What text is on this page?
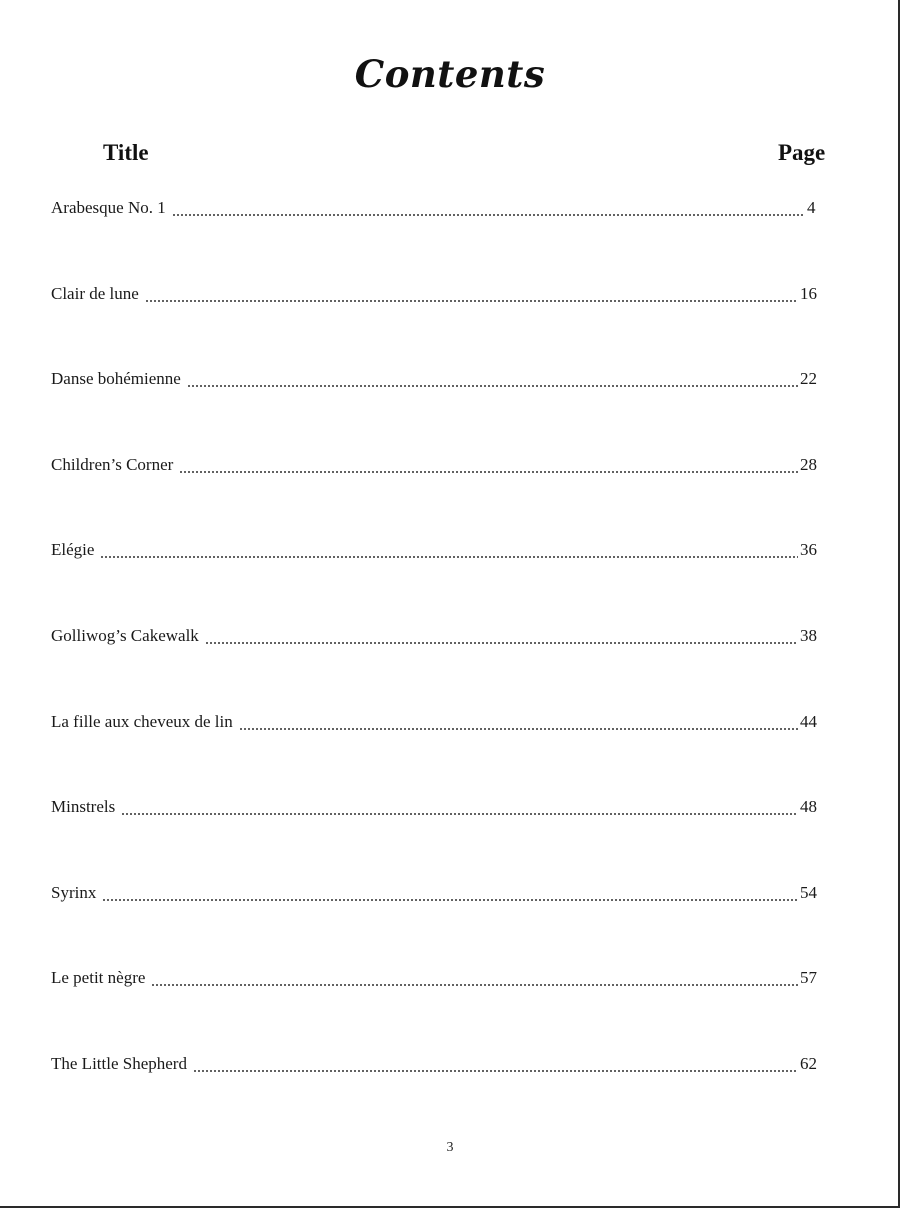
Contents
Title	Page
Arabesque No. 1	4
Clair de lune	16
Danse bohémienne	22
Children’s Corner	28
Elégie	36
Golliwog’s Cakewalk	38
La fille aux cheveux de lin	44
Minstrels	48
Syrinx	54
Le petit nègre	57
The Little Shepherd	62
3
